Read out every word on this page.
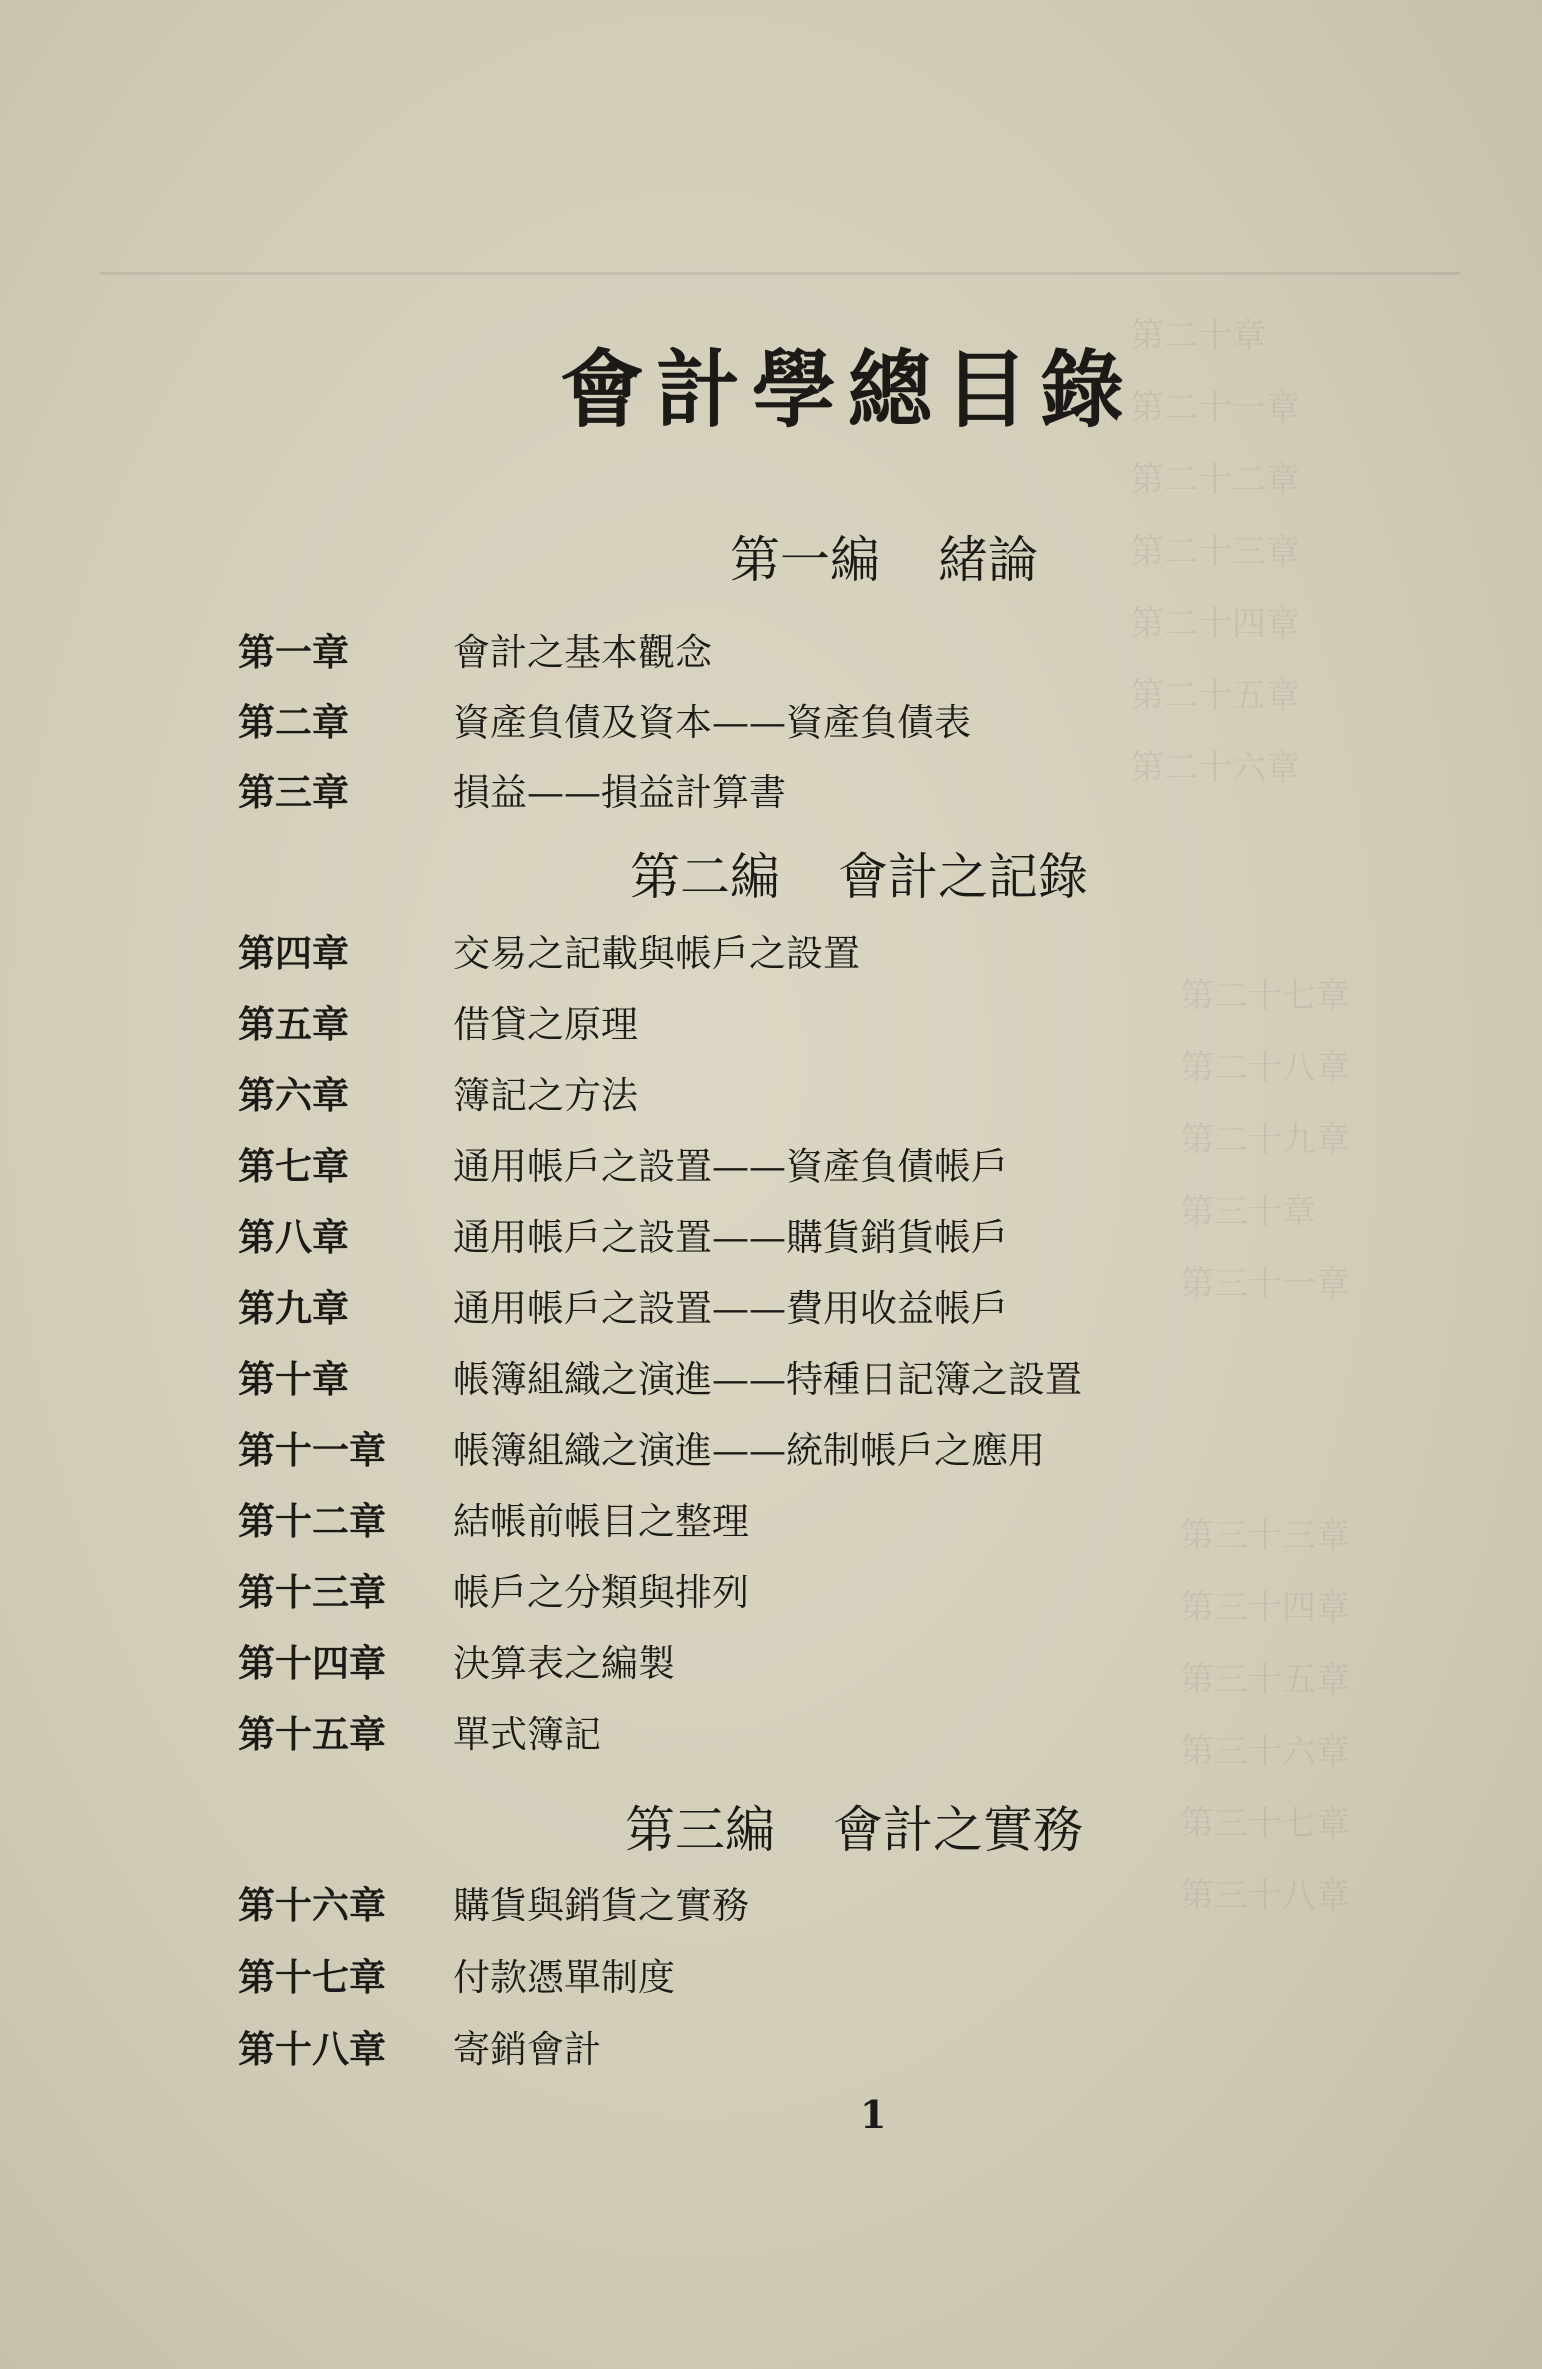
第二十章
第二十一章
第二十二章
第二十三章
第二十四章
第二十五章
第二十六章
第二十七章
第二十八章
第二十九章
第三十章
第三十一章
第三十三章
第三十四章
第三十五章
第三十六章
第三十七章
第三十八章
會計學總目錄
第一編 緒論
第一章	會計之基本觀念
第二章	資產負債及資本——資產負債表
第三章	損益——損益計算書
第二編 會計之記錄
第四章	交易之記載與帳戶之設置
第五章	借貸之原理
第六章	簿記之方法
第七章	通用帳戶之設置——資產負債帳戶
第八章	通用帳戶之設置——購貨銷貨帳戶
第九章	通用帳戶之設置——費用收益帳戶
第十章	帳簿組織之演進——特種日記簿之設置
第十一章 帳簿組織之演進——統制帳戶之應用
第十二章 結帳前帳目之整理
第十三章 帳戶之分類與排列
第十四章 決算表之編製
第十五章 單式簿記
第三編 會計之實務
第十六章 購貨與銷貨之實務
第十七章 付款憑單制度
第十八章 寄銷會計
1
